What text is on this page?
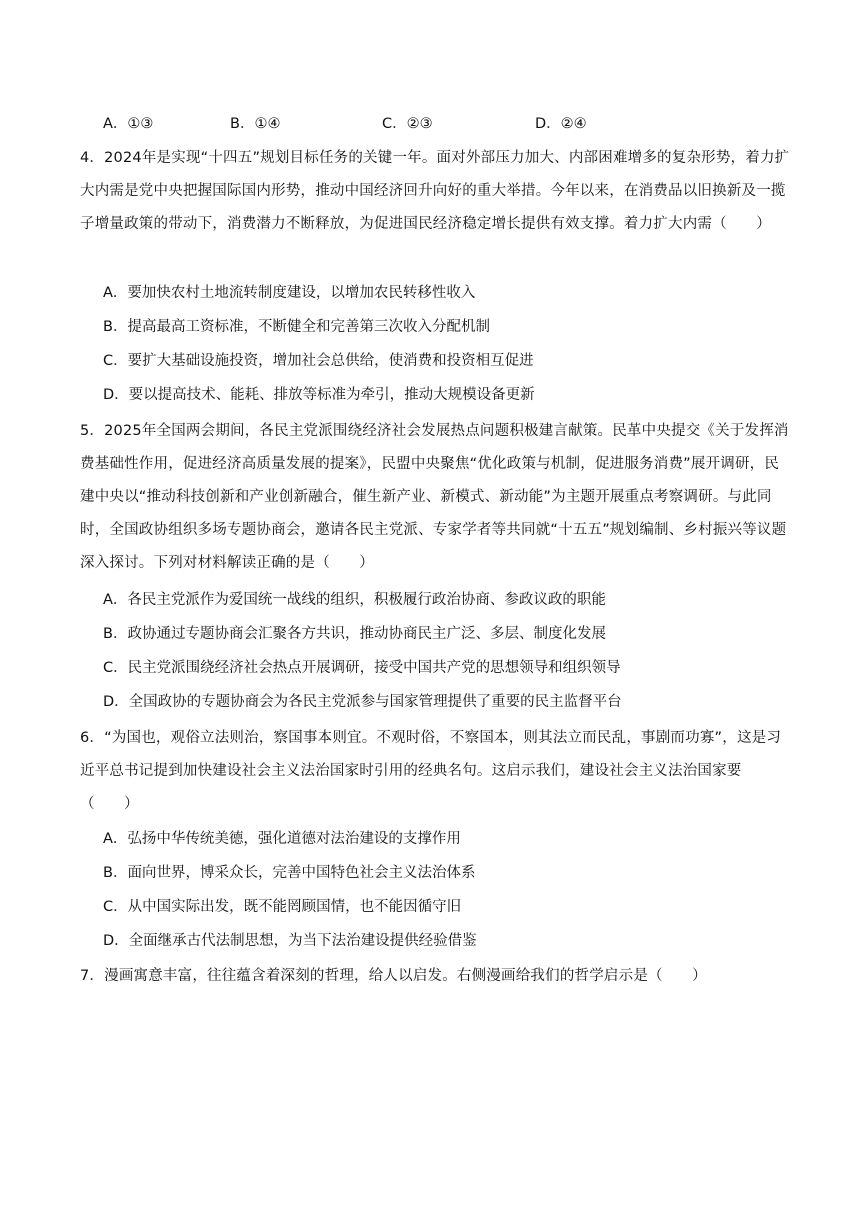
A．①③	B．①④	C．②③	D．②④

4．2024年是实现“十四五”规划目标任务的关键一年。面对外部压力加大、内部困难增多的复杂形势，着力扩大内需是党中央把握国际国内形势，推动中国经济回升向好的重大举措。今年以来，在消费品以旧换新及一揽子增量政策的带动下，消费潜力不断释放，为促进国民经济稳定增长提供有效支撑。着力扩大内需（　　）

A．要加快农村土地流转制度建设，以增加农民转移性收入
B．提高最高工资标准，不断健全和完善第三次收入分配机制
C．要扩大基础设施投资，增加社会总供给，使消费和投资相互促进
D．要以提高技术、能耗、排放等标准为牵引，推动大规模设备更新

5．2025年全国两会期间，各民主党派围绕经济社会发展热点问题积极建言献策。民革中央提交《关于发挥消费基础性作用，促进经济高质量发展的提案》，民盟中央聚焦“优化政策与机制，促进服务消费”展开调研，民建中央以“推动科技创新和产业创新融合，催生新产业、新模式、新动能”为主题开展重点考察调研。与此同时，全国政协组织多场专题协商会，邀请各民主党派、专家学者等共同就“十五五”规划编制、乡村振兴等议题深入探讨。下列对材料解读正确的是（　　）

A．各民主党派作为爱国统一战线的组织，积极履行政治协商、参政议政的职能
B．政协通过专题协商会汇聚各方共识，推动协商民主广泛、多层、制度化发展
C．民主党派围绕经济社会热点开展调研，接受中国共产党的思想领导和组织领导
D．全国政协的专题协商会为各民主党派参与国家管理提供了重要的民主监督平台

6．“为国也，观俗立法则治，察国事本则宜。不观时俗，不察国本，则其法立而民乱，事剧而功寡”，这是习近平总书记提到加快建设社会主义法治国家时引用的经典名句。这启示我们，建设社会主义法治国家要（　　）

A．弘扬中华传统美德，强化道德对法治建设的支撑作用
B．面向世界，博采众长，完善中国特色社会主义法治体系
C．从中国实际出发，既不能罔顾国情，也不能因循守旧
D．全面继承古代法制思想，为当下法治建设提供经验借鉴

7．漫画寓意丰富，往往蕴含着深刻的哲理，给人以启发。右侧漫画给我们的哲学启示是（　　）
